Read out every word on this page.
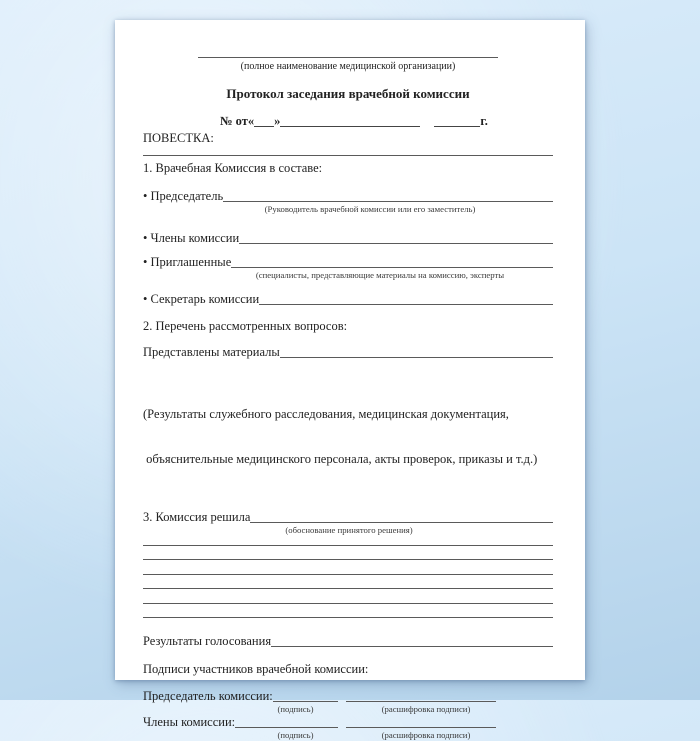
(полное наименование медицинской организации)
Протокол заседания врачебной комиссии
№ от« »	г.
ПОВЕСТКА:
1. Врачебная Комиссия в составе:
• Председатель
(Руководитель врачебной комиссии или его заместитель)
• Члены комиссии
• Приглашенные
(специалисты, представляющие материалы на комиссию, эксперты
• Секретарь комиссии
2. Перечень рассмотренных вопросов:
Представлены материалы

(Результаты служебного расследования, медицинская документация,

объяснительные медицинского персонала, акты проверок, приказы и т.д.)

3. Комиссия решила
(обоснование принятого решения)
Результаты голосования
Подписи участников врачебной комиссии:
Председатель комиссии:
(подпись)	(расшифровка подписи)
Члены комиссии:
(подпись)	(расшифровка подписи)
